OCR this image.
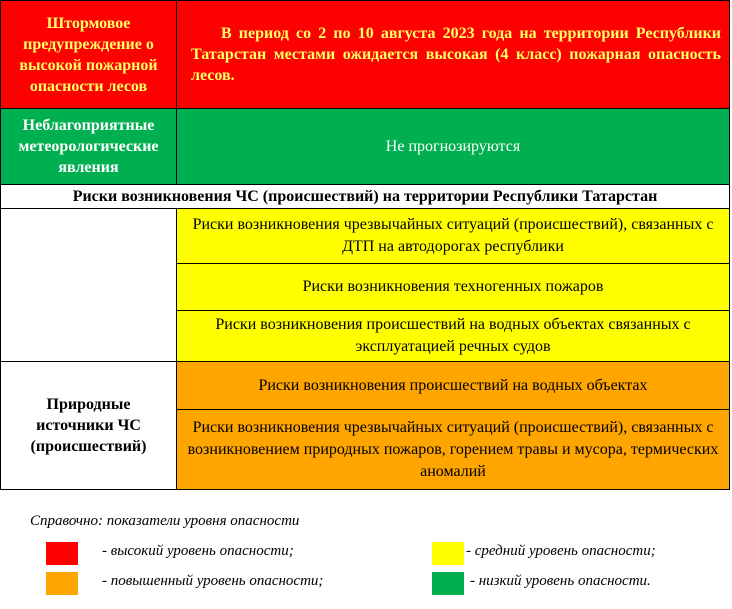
Штормовое предупреждение о высокой пожарной опасности лесов	В период со 2 по 10 августа 2023 года на территории Республики Татарстан местами ожидается высокая (4 класс) пожарная опасность лесов.
Неблагоприятные метеорологические явления	Не прогнозируются
Риски возникновения ЧС (происшествий) на территории Республики Татарстан	
	Риски возникновения чрезвычайных ситуаций (происшествий), связанных с ДТП на автодорогах республики
	Риски возникновения техногенных пожаров
	Риски возникновения происшествий на водных объектах связанных с эксплуатацией речных судов
Природные источники ЧС (происшествий)	Риски возникновения происшествий на водных объектах
	Риски возникновения чрезвычайных ситуаций (происшествий), связанных с возникновением природных пожаров, горением травы и мусора, термических аномалий
Справочно: показатели уровня опасности
- высокий уровень опасности;	- средний уровень опасности;
- повышенный уровень опасности;	- низкий уровень опасности.
